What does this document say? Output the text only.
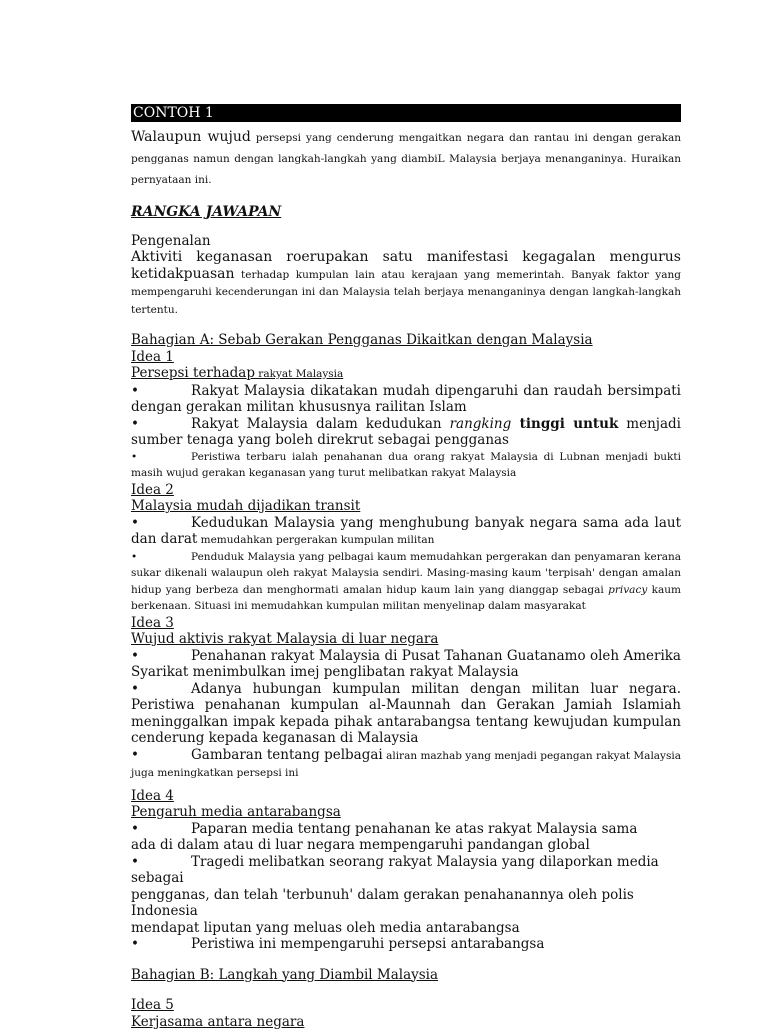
CONTOH 1
Walaupun wujud persepsi yang cenderung mengaitkan negara dan rantau ini dengan gerakan pengganas namun dengan langkah-langkah yang diambiL Malaysia berjaya menanganinya. Huraikan pernyataan ini.
RANGKA JAWAPAN
Pengenalan
Aktiviti keganasan roerupakan satu manifestasi kegagalan mengurus ketidakpuasan terhadap kumpulan lain atau kerajaan yang memerintah. Banyak faktor yang mempengaruhi kecenderungan ini dan Malaysia telah berjaya menanganinya dengan langkah-langkah tertentu.
Bahagian A: Sebab Gerakan Pengganas Dikaitkan dengan Malaysia
Idea 1
Persepsi terhadap rakyat Malaysia
•	Rakyat Malaysia dikatakan mudah dipengaruhi dan raudah bersimpati dengan gerakan militan khususnya railitan Islam
•	Rakyat Malaysia dalam kedudukan rangking tinggi untuk menjadi sumber tenaga yang boleh direkrut sebagai pengganas
•	Peristiwa terbaru ialah penahanan dua orang rakyat Malaysia di Lubnan menjadi bukti masih wujud gerakan keganasan yang turut melibatkan rakyat Malaysia
Idea 2
Malaysia mudah dijadikan transit
•	Kedudukan Malaysia yang menghubung banyak negara sama ada laut dan darat memudahkan pergerakan kumpulan militan
•	Penduduk Malaysia yang pelbagai kaum memudahkan pergerakan dan penyamaran kerana sukar dikenali walaupun oleh rakyat Malaysia sendiri. Masing-masing kaum 'terpisah' dengan amalan hidup yang berbeza dan menghormati amalan hidup kaum lain yang dianggap sebagai privacy kaum berkenaan. Situasi ini memudahkan kumpulan militan menyelinap dalam masyarakat
Idea 3
Wujud aktivis rakyat Malaysia di luar negara
•	Penahanan rakyat Malaysia di Pusat Tahanan Guatanamo oleh Amerika Syarikat menimbulkan imej penglibatan rakyat Malaysia
•	Adanya hubungan kumpulan militan dengan militan luar negara. Peristiwa penahanan kumpulan al-Maunnah dan Gerakan Jamiah Islamiah meninggalkan impak kepada pihak antarabangsa tentang kewujudan kumpulan cenderung kepada keganasan di Malaysia
•	Gambaran tentang pelbagai aliran mazhab yang menjadi pegangan rakyat Malaysia juga meningkatkan persepsi ini
Idea 4
Pengaruh media antarabangsa
•	Paparan media tentang penahanan ke atas rakyat Malaysia sama
ada di dalam atau di luar negara mempengaruhi pandangan global
•	Tragedi melibatkan seorang rakyat Malaysia yang dilaporkan media sebagai
pengganas, dan telah 'terbunuh' dalam gerakan penahanannya oleh polis Indonesia
mendapat liputan yang meluas oleh media antarabangsa
•	Peristiwa ini mempengaruhi persepsi antarabangsa
Bahagian B: Langkah yang Diambil Malaysia
Idea 5
Kerjasama antara negara
